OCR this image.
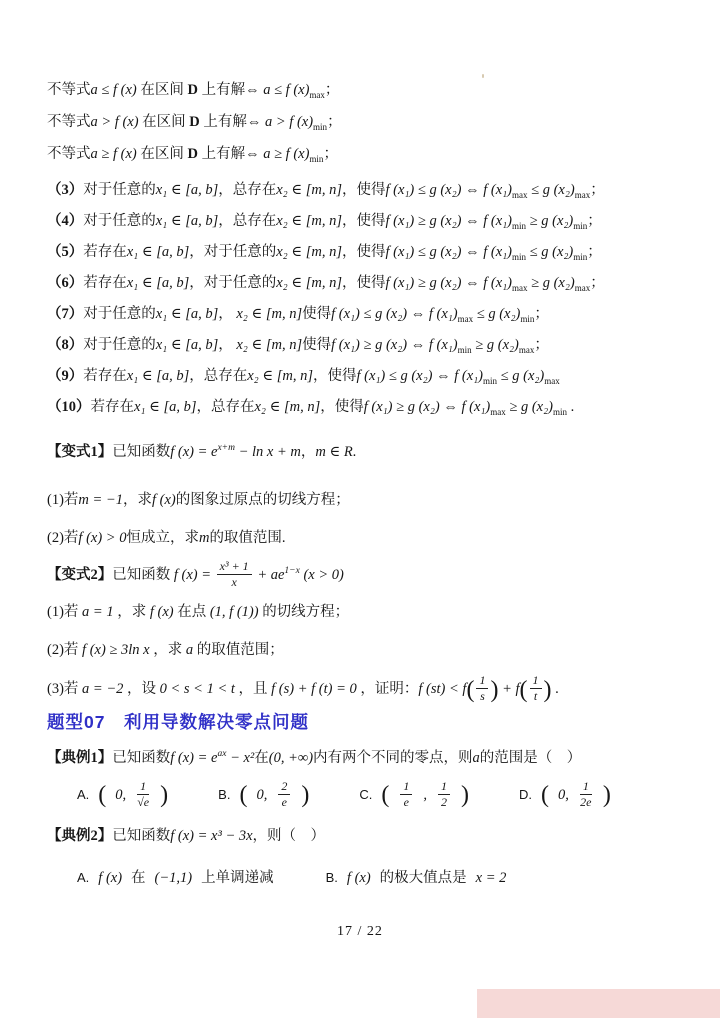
不等式a ≤ f (x) 在区间 D 上有解⇔ a ≤ f $(x)_{max}$；
不等式a > f (x) 在区间 D 上有解⇔ a > f $(x)_{min}$；
不等式a ≥ f (x) 在区间 D 上有解⇔ a ≥ f $(x)_{min}$；
（3）对于任意的x₁ ∈ [a, b]，总存在x₂ ∈ [m, n]，使得f (x₁) ≤ g (x₂) ⇔ f $(x_1)_{max} \le g$ $(x_2)_{max}$；
（4）对于任意的x₁ ∈ [a, b]，总存在x₂ ∈ [m, n]，使得f (x₁) ≥ g (x₂) ⇔ f $(x_1)_{min} \ge g$ $(x_2)_{min}$；
（5）若存在x₁ ∈ [a, b]，对于任意的x₂ ∈ [m, n]，使得f (x₁) ≤ g (x₂) ⇔ f $(x_1)_{min} \le g$ $(x_2)_{min}$；
（6）若存在x₁ ∈ [a, b]，对于任意的x₂ ∈ [m, n]，使得f (x₁) ≥ g (x₂) ⇔ f $(x_1)_{max} \ge g$ $(x_2)_{max}$；
（7）对于任意的x₁ ∈ [a, b]， x₂ ∈ [m, n]使得f (x₁) ≤ g (x₂) ⇔ f $(x_1)_{max} \le g$ $(x_2)_{min}$；
（8）对于任意的x₁ ∈ [a, b]， x₂ ∈ [m, n]使得f (x₁) ≥ g (x₂) ⇔ f $(x_1)_{min} \ge g$ $(x_2)_{max}$；
（9）若存在x₁ ∈ [a, b]，总存在x₂ ∈ [m, n]，使得f (x₁) ≤ g (x₂) ⇔ f $(x_1)_{min} \le g$ $(x_2)_{max}$
（10）若存在x₁ ∈ [a, b]，总存在x₂ ∈ [m, n]，使得f (x₁) ≥ g (x₂) ⇔ f $(x_1)_{max} \ge g$ $(x_2)_{min}$ .
【变式1】已知函数f $(x) = e^{x+m} - \ln x + m$，m ∈ R.
(1)若m = −1，求f (x)的图象过原点的切线方程；
(2)若f (x) > 0恒成立，求m的取值范围.
【变式2】已知函数 f $(x) = \frac{\text{x³ + 1}}{x} + ae^{1-x}$ (x > 0)
(1)若 a = 1 ，求 f (x) 在点 (1, f (1)) 的切线方程；
(2)若 f (x) ≥ 3ln x ，求 a 的取值范围；
(3)若 a = −2 ，设 0 < s < 1 < t ，且 f (s) + f (t) = 0 ，证明：f $(st) < f( \frac{1}{s}$ ) + $f( \frac{1}{t}$ ) .
题型07　利用导数解决零点问题
【典例1】已知函数f $(x) = e^{ax} - x^2$在(0, +∞)内有两个不同的零点，则a的范围是（　）
A. ( 0, $\frac{1}{√e}$ )	B. ( 0, $\frac{2}{e}$ )	C. ( $\frac{1}{e}$ , $\frac{1}{2}$ )	D. ( 0, $\frac{1}{2e}$ )
【典例2】已知函数f (x) = x³ − 3x，则（　）
A. f (x) 在 (−1,1) 上单调递减	B. f (x) 的极大值点是 x = 2
17 / 22
